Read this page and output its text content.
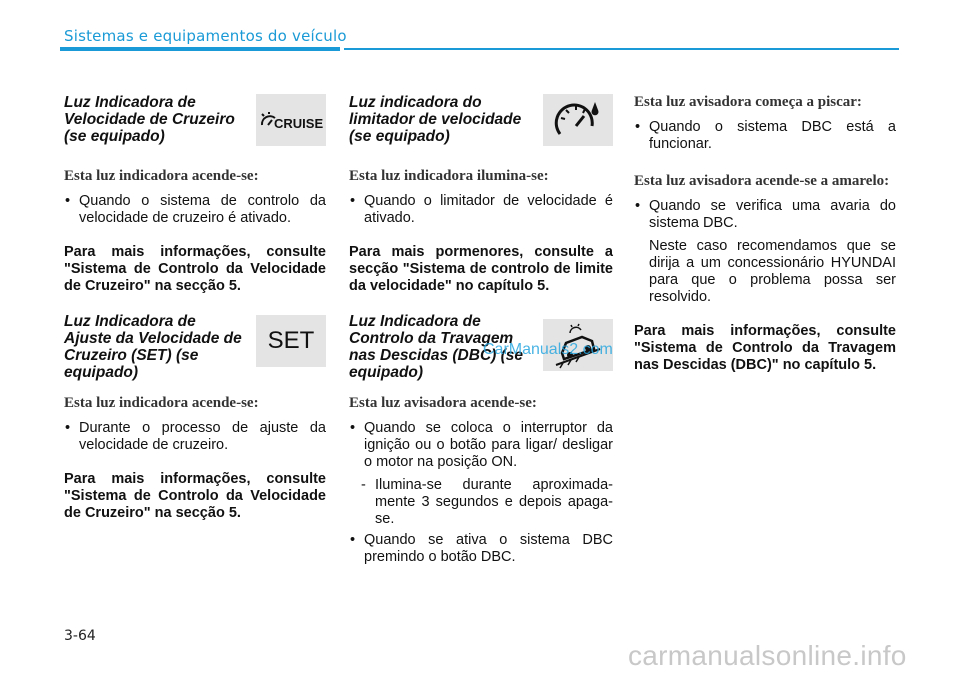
Sistemas e equipamentos do veículo
Luz Indicadora de Velocidade de Cruzeiro (se equipado)
CRUISE
Esta luz indicadora acende-se:
• Quando o sistema de controlo da velocidade de cruzeiro é ativado.
Para mais informações, consulte "Sistema de Controlo da Velocidade de Cruzeiro" na secção 5.
Luz Indicadora de Ajuste da Velocidade de Cruzeiro (SET) (se equipado)
SET
Esta luz indicadora acende-se:
• Durante o processo de ajuste da velocidade de cruzeiro.
Para mais informações, consulte "Sistema de Controlo da Velocidade de Cruzeiro" na secção 5.
Luz indicadora do limitador de velocidade (se equipado)
Esta luz indicadora ilumina-se:
• Quando o limitador de velocidade é ativado.
Para mais pormenores, consulte a secção "Sistema de controlo de limite da velocidade" no capítulo 5.
Luz Indicadora de Controlo da Travagem nas Descidas (DBC) (se equipado)
Esta luz avisadora acende-se:
• Quando se coloca o interruptor da ignição ou o botão para ligar/ desligar o motor na posição ON.
- Ilumina-se durante aproximada-mente 3 segundos e depois apaga-se.
• Quando se ativa o sistema DBC premindo o botão DBC.
Esta luz avisadora começa a piscar:
• Quando o sistema DBC está a funcionar.
Esta luz avisadora acende-se a amarelo:
• Quando se verifica uma avaria do sistema DBC.
Neste caso recomendamos que se dirija a um concessionário HYUNDAI para que o problema possa ser resolvido.
Para mais informações, consulte "Sistema de Controlo da Travagem nas Descidas (DBC)" no capítulo 5.
CarManuals2.com
3-64
carmanualsonline.info
